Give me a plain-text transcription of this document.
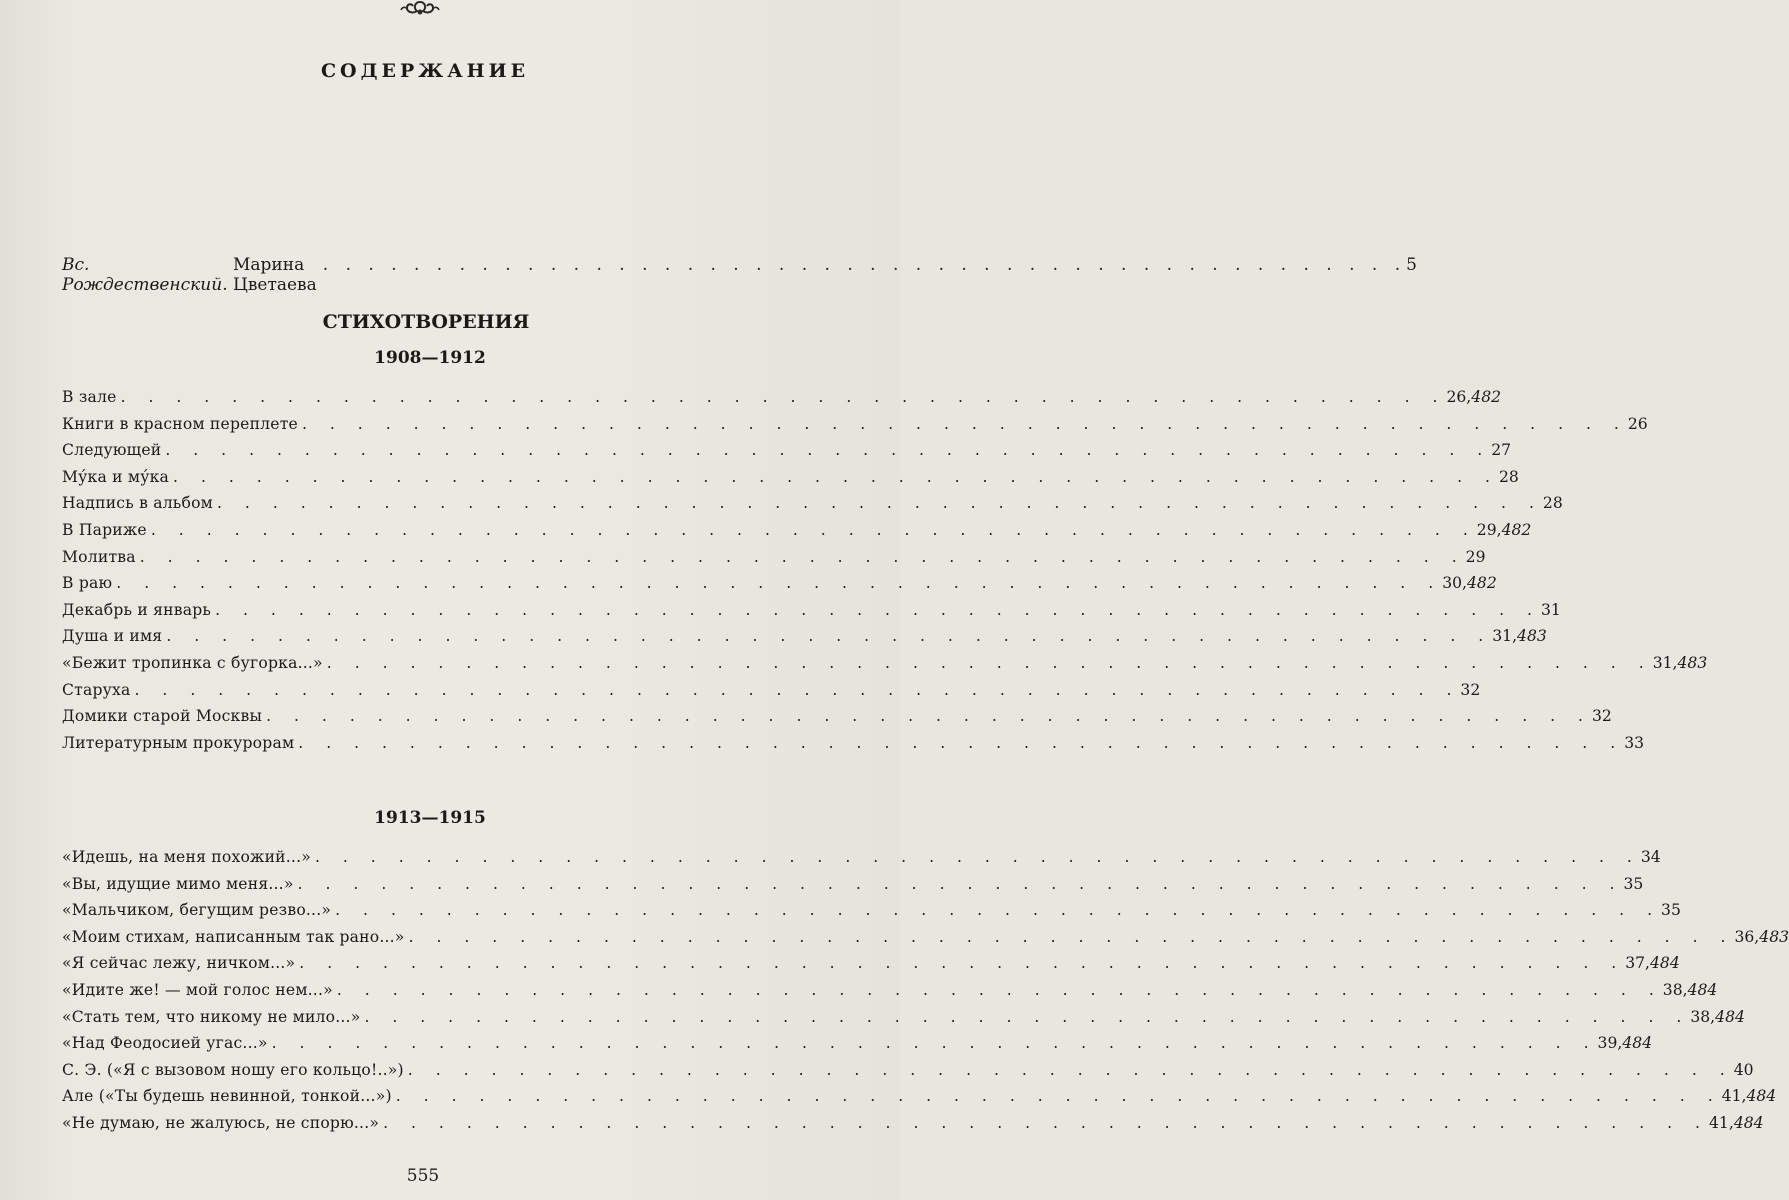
СОДЕРЖАНИЕ
Вс. Рождественский.

Марина Цветаева
. . . . . . . . . . . . . . . . . . . . . . . . . . . . . . . . . . . . . . . . . . . . . . . . 5
СТИХОТВОРЕНИЯ
1908—1912
В зале . . . . . . . . . . . . . . . . . . . . . . . . . . . . . . . . . . . . . . . . . . . . . . . . 26, 482
Книги в красном переплете . . . . . . . . . . . . . . . . . . . . . . . . . . . . . . . . . . . . . . . . . . . . . . . . 26
Следующей . . . . . . . . . . . . . . . . . . . . . . . . . . . . . . . . . . . . . . . . . . . . . . . . 27
Му́ка и му́ка . . . . . . . . . . . . . . . . . . . . . . . . . . . . . . . . . . . . . . . . . . . . . . . . 28
Надпись в альбом . . . . . . . . . . . . . . . . . . . . . . . . . . . . . . . . . . . . . . . . . . . . . . . . 28
В Париже . . . . . . . . . . . . . . . . . . . . . . . . . . . . . . . . . . . . . . . . . . . . . . . . 29, 482
Молитва . . . . . . . . . . . . . . . . . . . . . . . . . . . . . . . . . . . . . . . . . . . . . . . . 29
В раю . . . . . . . . . . . . . . . . . . . . . . . . . . . . . . . . . . . . . . . . . . . . . . . . 30, 482
Декабрь и январь . . . . . . . . . . . . . . . . . . . . . . . . . . . . . . . . . . . . . . . . . . . . . . . . 31
Душа и имя . . . . . . . . . . . . . . . . . . . . . . . . . . . . . . . . . . . . . . . . . . . . . . . . 31, 483
«Бежит тропинка с бугорка...» . . . . . . . . . . . . . . . . . . . . . . . . . . . . . . . . . . . . . . . . . . . . . . . . 31, 483
Старуха . . . . . . . . . . . . . . . . . . . . . . . . . . . . . . . . . . . . . . . . . . . . . . . . 32
Домики старой Москвы . . . . . . . . . . . . . . . . . . . . . . . . . . . . . . . . . . . . . . . . . . . . . . . . 32
Литературным прокурорам . . . . . . . . . . . . . . . . . . . . . . . . . . . . . . . . . . . . . . . . . . . . . . . . 33
1913—1915
«Идешь, на меня похожий...» . . . . . . . . . . . . . . . . . . . . . . . . . . . . . . . . . . . . . . . . . . . . . . . . 34
«Вы, идущие мимо меня...» . . . . . . . . . . . . . . . . . . . . . . . . . . . . . . . . . . . . . . . . . . . . . . . . 35
«Мальчиком, бегущим резво...» . . . . . . . . . . . . . . . . . . . . . . . . . . . . . . . . . . . . . . . . . . . . . . . . 35
«Моим стихам, написанным так рано...» . . . . . . . . . . . . . . . . . . . . . . . . . . . . . . . . . . . . . . . . . . . . . . . . 36, 483
«Я сейчас лежу, ничком...» . . . . . . . . . . . . . . . . . . . . . . . . . . . . . . . . . . . . . . . . . . . . . . . . 37, 484
«Идите же! — мой голос нем...» . . . . . . . . . . . . . . . . . . . . . . . . . . . . . . . . . . . . . . . . . . . . . . . . 38, 484
«Стать тем, что никому не мило...» . . . . . . . . . . . . . . . . . . . . . . . . . . . . . . . . . . . . . . . . . . . . . . . . 38, 484
«Над Феодосией угас...» . . . . . . . . . . . . . . . . . . . . . . . . . . . . . . . . . . . . . . . . . . . . . . . . 39, 484
С. Э. («Я с вызовом ношу его кольцо!..») . . . . . . . . . . . . . . . . . . . . . . . . . . . . . . . . . . . . . . . . . . . . . . . . 40
Але («Ты будешь невинной, тонкой...») . . . . . . . . . . . . . . . . . . . . . . . . . . . . . . . . . . . . . . . . . . . . . . . . 41, 484
«Не думаю, не жалуюсь, не спорю...» . . . . . . . . . . . . . . . . . . . . . . . . . . . . . . . . . . . . . . . . . . . . . . . . 41, 484
555
